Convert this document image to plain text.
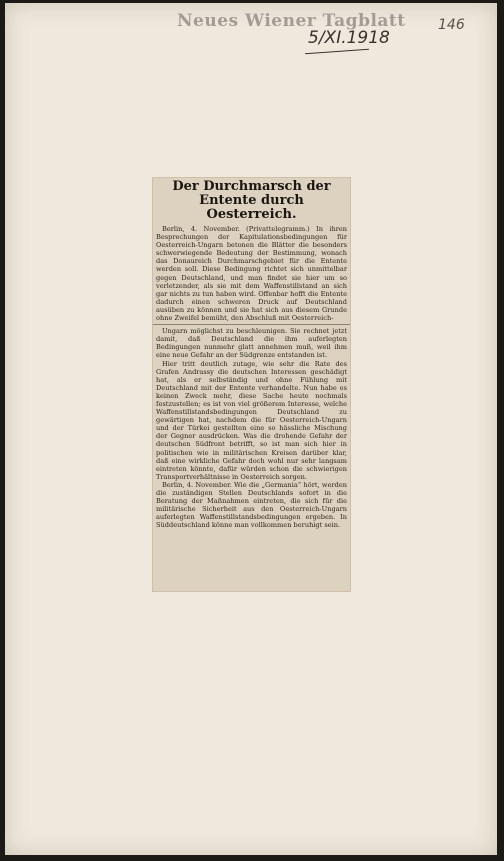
Neues Wiener Tagblatt
5/XI.1918
146
Der Durchmarsch der Entente durch Oesterreich.

Berlin, 4. November. (Privattelegramm.) In ihren Besprechungen der Kapitulationsbedingungen für Oesterreich-Ungarn betonen die Blätter die besonders schwerwiegende Bedeutung der Bestimmung, wonach das Donaureich Durchmarschgebiet für die Entente werden soll. Diese Bedingung richtet sich unmittelbar gegen Deutschland, und man findet sie hier um so verletzender, als sie mit dem Waffenstillstand an sich gar nichts zu tun haben wird. Offenbar hofft die Entente dadurch einen schweren Druck auf Deutschland ausüben zu können und sie hat sich aus diesem Grunde ohne Zweifel bemüht, den Abschluß mit Oesterreich-

Ungarn möglichst zu beschleunigen. Sie rechnet jetzt damit, daß Deutschland die ihm auferlegten Bedingungen nunmehr glatt annehmen muß, weil ihm eine neue Gefahr an der Südgrenze entstanden ist.

Hier tritt deutlich zutage, wie sehr die Rate des Grafen Andrassy die deutschen Interessen geschädigt hat, als er selbständig und ohne Fühlung mit Deutschland mit der Entente verhandelte. Nun habe es keinen Zweck mehr, diese Sache heute nochmals festzustellen; es ist von viel größerem Interesse, welche Waffenstillstandsbedingungen Deutschland zu gewärtigen hat, nachdem die für Oesterreich-Ungarn und der Türkei gestellten eine so hässliche Mischung der Gegner ausdrücken. Was die drohende Gefahr der deutschen Südfront betrifft, so ist man sich hier in politischen wie in militärischen Kreisen darüber klar, daß eine wirkliche Gefahr doch wohl nur sehr langsam eintreten könnte, dafür würden schon die schwierigen Transportverhältnisse in Oesterreich sorgen.

Berlin, 4. November. Wie die „Germania“ hört, werden die zuständigen Stellen Deutschlands sofort in die Beratung der Maßnahmen eintreten, die sich für die militärische Sicherheit aus den Oesterreich-Ungarn auferlegten Waffenstillstandsbedingungen ergeben. In Süddeutschland könne man vollkommen beruhigt sein.
